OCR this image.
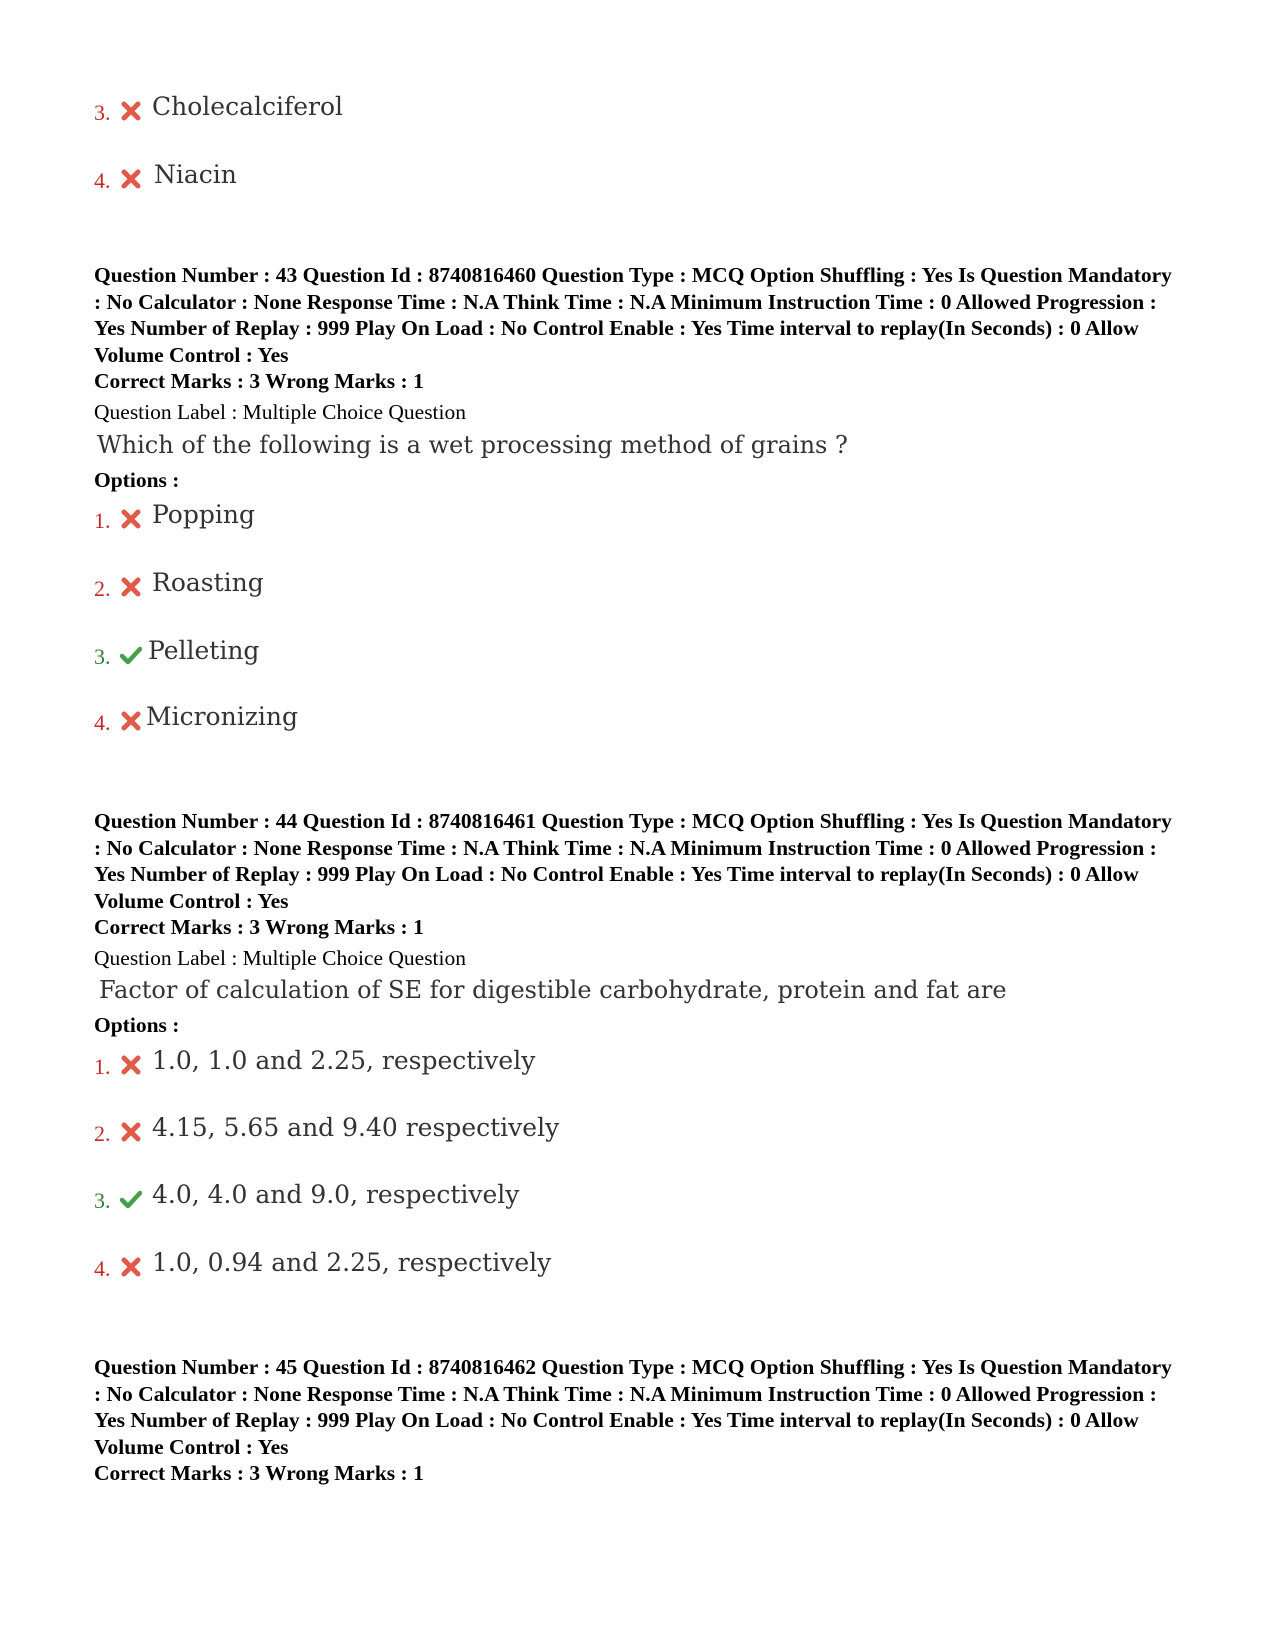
3. Cholecalciferol
4. Niacin

Question Number : 43 Question Id : 8740816460 Question Type : MCQ Option Shuffling : Yes Is Question Mandatory : No Calculator : None Response Time : N.A Think Time : N.A Minimum Instruction Time : 0 Allowed Progression : Yes Number of Replay : 999 Play On Load : No Control Enable : Yes Time interval to replay(In Seconds) : 0 Allow Volume Control : Yes

Correct Marks : 3 Wrong Marks : 1
Question Label : Multiple Choice Question
Which of the following is a wet processing method of grains ?
Options :
1. Popping
2. Roasting
3. Pelleting
4. Micronizing

Question Number : 44 Question Id : 8740816461 Question Type : MCQ Option Shuffling : Yes Is Question Mandatory : No Calculator : None Response Time : N.A Think Time : N.A Minimum Instruction Time : 0 Allowed Progression : Yes Number of Replay : 999 Play On Load : No Control Enable : Yes Time interval to replay(In Seconds) : 0 Allow Volume Control : Yes

Correct Marks : 3 Wrong Marks : 1
Question Label : Multiple Choice Question
Factor of calculation of SE for digestible carbohydrate, protein and fat are
Options :
1. 1.0, 1.0 and 2.25, respectively
2. 4.15, 5.65 and 9.40 respectively
3. 4.0, 4.0 and 9.0, respectively
4. 1.0, 0.94 and 2.25, respectively

Question Number : 45 Question Id : 8740816462 Question Type : MCQ Option Shuffling : Yes Is Question Mandatory : No Calculator : None Response Time : N.A Think Time : N.A Minimum Instruction Time : 0 Allowed Progression : Yes Number of Replay : 999 Play On Load : No Control Enable : Yes Time interval to replay(In Seconds) : 0 Allow Volume Control : Yes

Correct Marks : 3 Wrong Marks : 1
